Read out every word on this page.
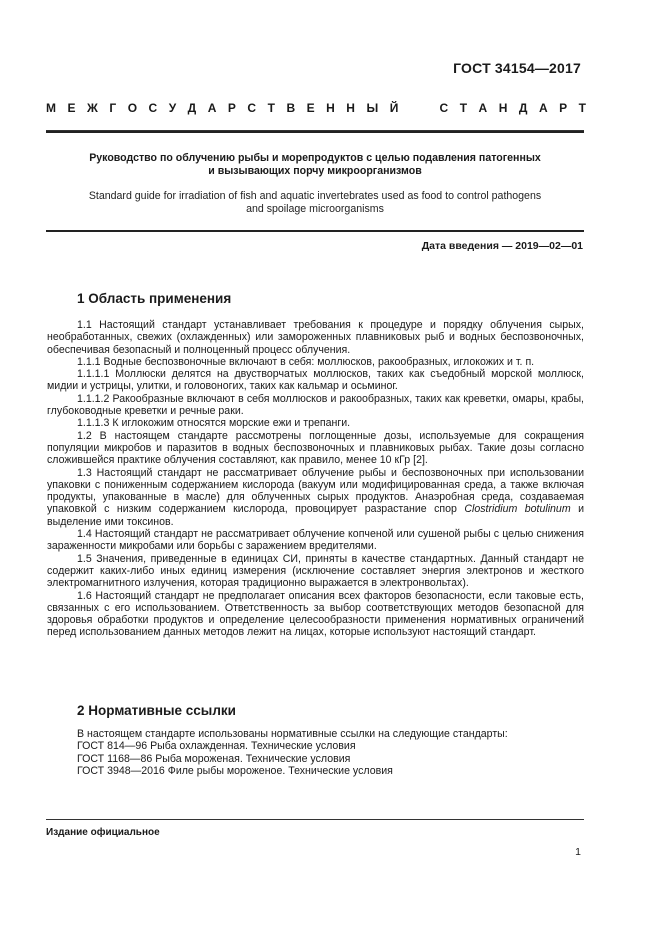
ГОСТ 34154—2017
М Е Ж Г О С У Д А Р С Т В Е Н Н Ы Й

	С Т А Н Д А Р Т
Руководство по облучению рыбы и морепродуктов с целью подавления патогенных
и вызывающих порчу микроорганизмов
Standard guide for irradiation of fish and aquatic invertebrates used as food to control pathogens
and spoilage microorganisms
Дата введения — 2019—02—01
1 Область применения

1.1 Настоящий стандарт устанавливает требования к процедуре и порядку облучения сырых, необработанных, свежих (охлажденных) или замороженных плавниковых рыб и водных беспозвоночных, обеспечивая безопасный и полноценный процесс облучения.

1.1.1 Водные беспозвоночные включают в себя: моллюсков, ракообразных, иглокожих и т. п.

1.1.1.1 Моллюски делятся на двустворчатых моллюсков, таких как съедобный морской моллюск, мидии и устрицы, улитки, и головоногих, таких как кальмар и осьминог.

1.1.1.2 Ракообразные включают в себя моллюсков и ракообразных, таких как креветки, омары, крабы, глубоководные креветки и речные раки.

1.1.1.3 К иглокожим относятся морские ежи и трепанги.

1.2 В настоящем стандарте рассмотрены поглощенные дозы, используемые для сокращения популяции микробов и паразитов в водных беспозвоночных и плавниковых рыбах. Такие дозы согласно сложившейся практике облучения составляют, как правило, менее 10 кГр [2].

1.3 Настоящий стандарт не рассматривает облучение рыбы и беспозвоночных при использовании упаковки с пониженным содержанием кислорода (вакуум или модифицированная среда, а также включая продукты, упакованные в масле) для облученных сырых продуктов. Анаэробная среда, создаваемая упаковкой с низким содержанием кислорода, провоцирует разрастание спор Clostridium botulinum и выделение ими токсинов.

1.4 Настоящий стандарт не рассматривает облучение копченой или сушеной рыбы с целью снижения зараженности микробами или борьбы с заражением вредителями.

1.5 Значения, приведенные в единицах СИ, приняты в качестве стандартных. Данный стандарт не содержит каких-либо иных единиц измерения (исключение составляет энергия электронов и жесткого электромагнитного излучения, которая традиционно выражается в электронвольтах).

1.6 Настоящий стандарт не предполагает описания всех факторов безопасности, если таковые есть, связанных с его использованием. Ответственность за выбор соответствующих методов безопасной для здоровья обработки продуктов и определение целесообразности применения нормативных ограничений перед использованием данных методов лежит на лицах, которые используют настоящий стандарт.

2 Нормативные ссылки

В настоящем стандарте использованы нормативные ссылки на следующие стандарты:

ГОСТ 814—96 Рыба охлажденная. Технические условия

ГОСТ 1168—86 Рыба мороженая. Технические условия

ГОСТ 3948—2016 Филе рыбы мороженое. Технические условия

Издание официальное
1
